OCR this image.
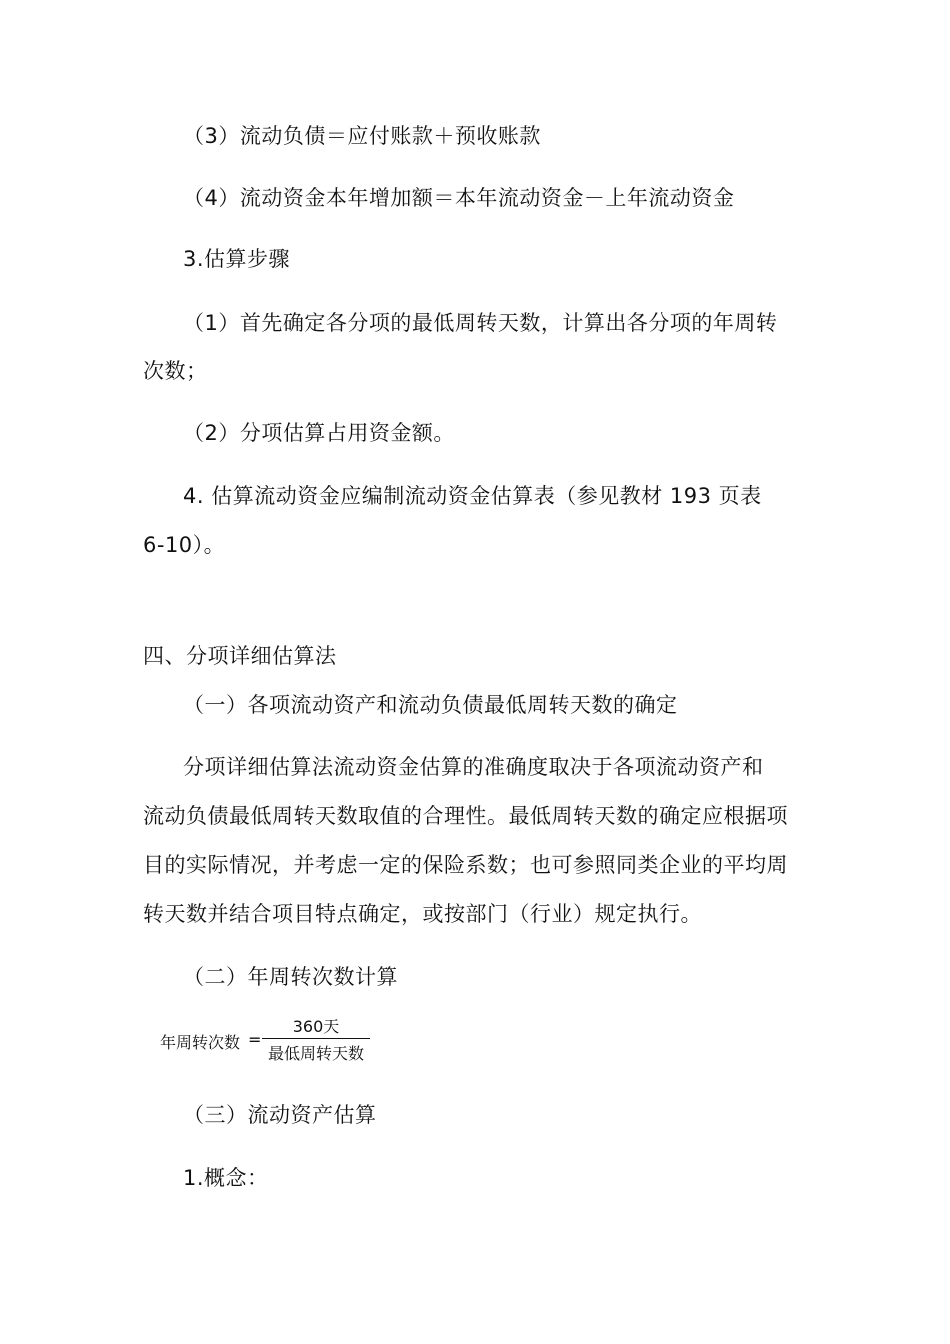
（3）流动负债＝应付账款＋预收账款
（4）流动资金本年增加额＝本年流动资金－上年流动资金
3.估算步骤
（1）首先确定各分项的最低周转天数，计算出各分项的年周转
次数；
（2）分项估算占用资金额。
4. 估算流动资金应编制流动资金估算表（参见教材 193 页表
6-10）。
四、分项详细估算法
（一）各项流动资产和流动负债最低周转天数的确定
分项详细估算法流动资金估算的准确度取决于各项流动资产和
流动负债最低周转天数取值的合理性。最低周转天数的确定应根据项
目的实际情况，并考虑一定的保险系数；也可参照同类企业的平均周
转天数并结合项目特点确定，或按部门（行业）规定执行。
（二）年周转次数计算
年周转次数 =
360天
最低周转天数
（三）流动资产估算
1.概念：
